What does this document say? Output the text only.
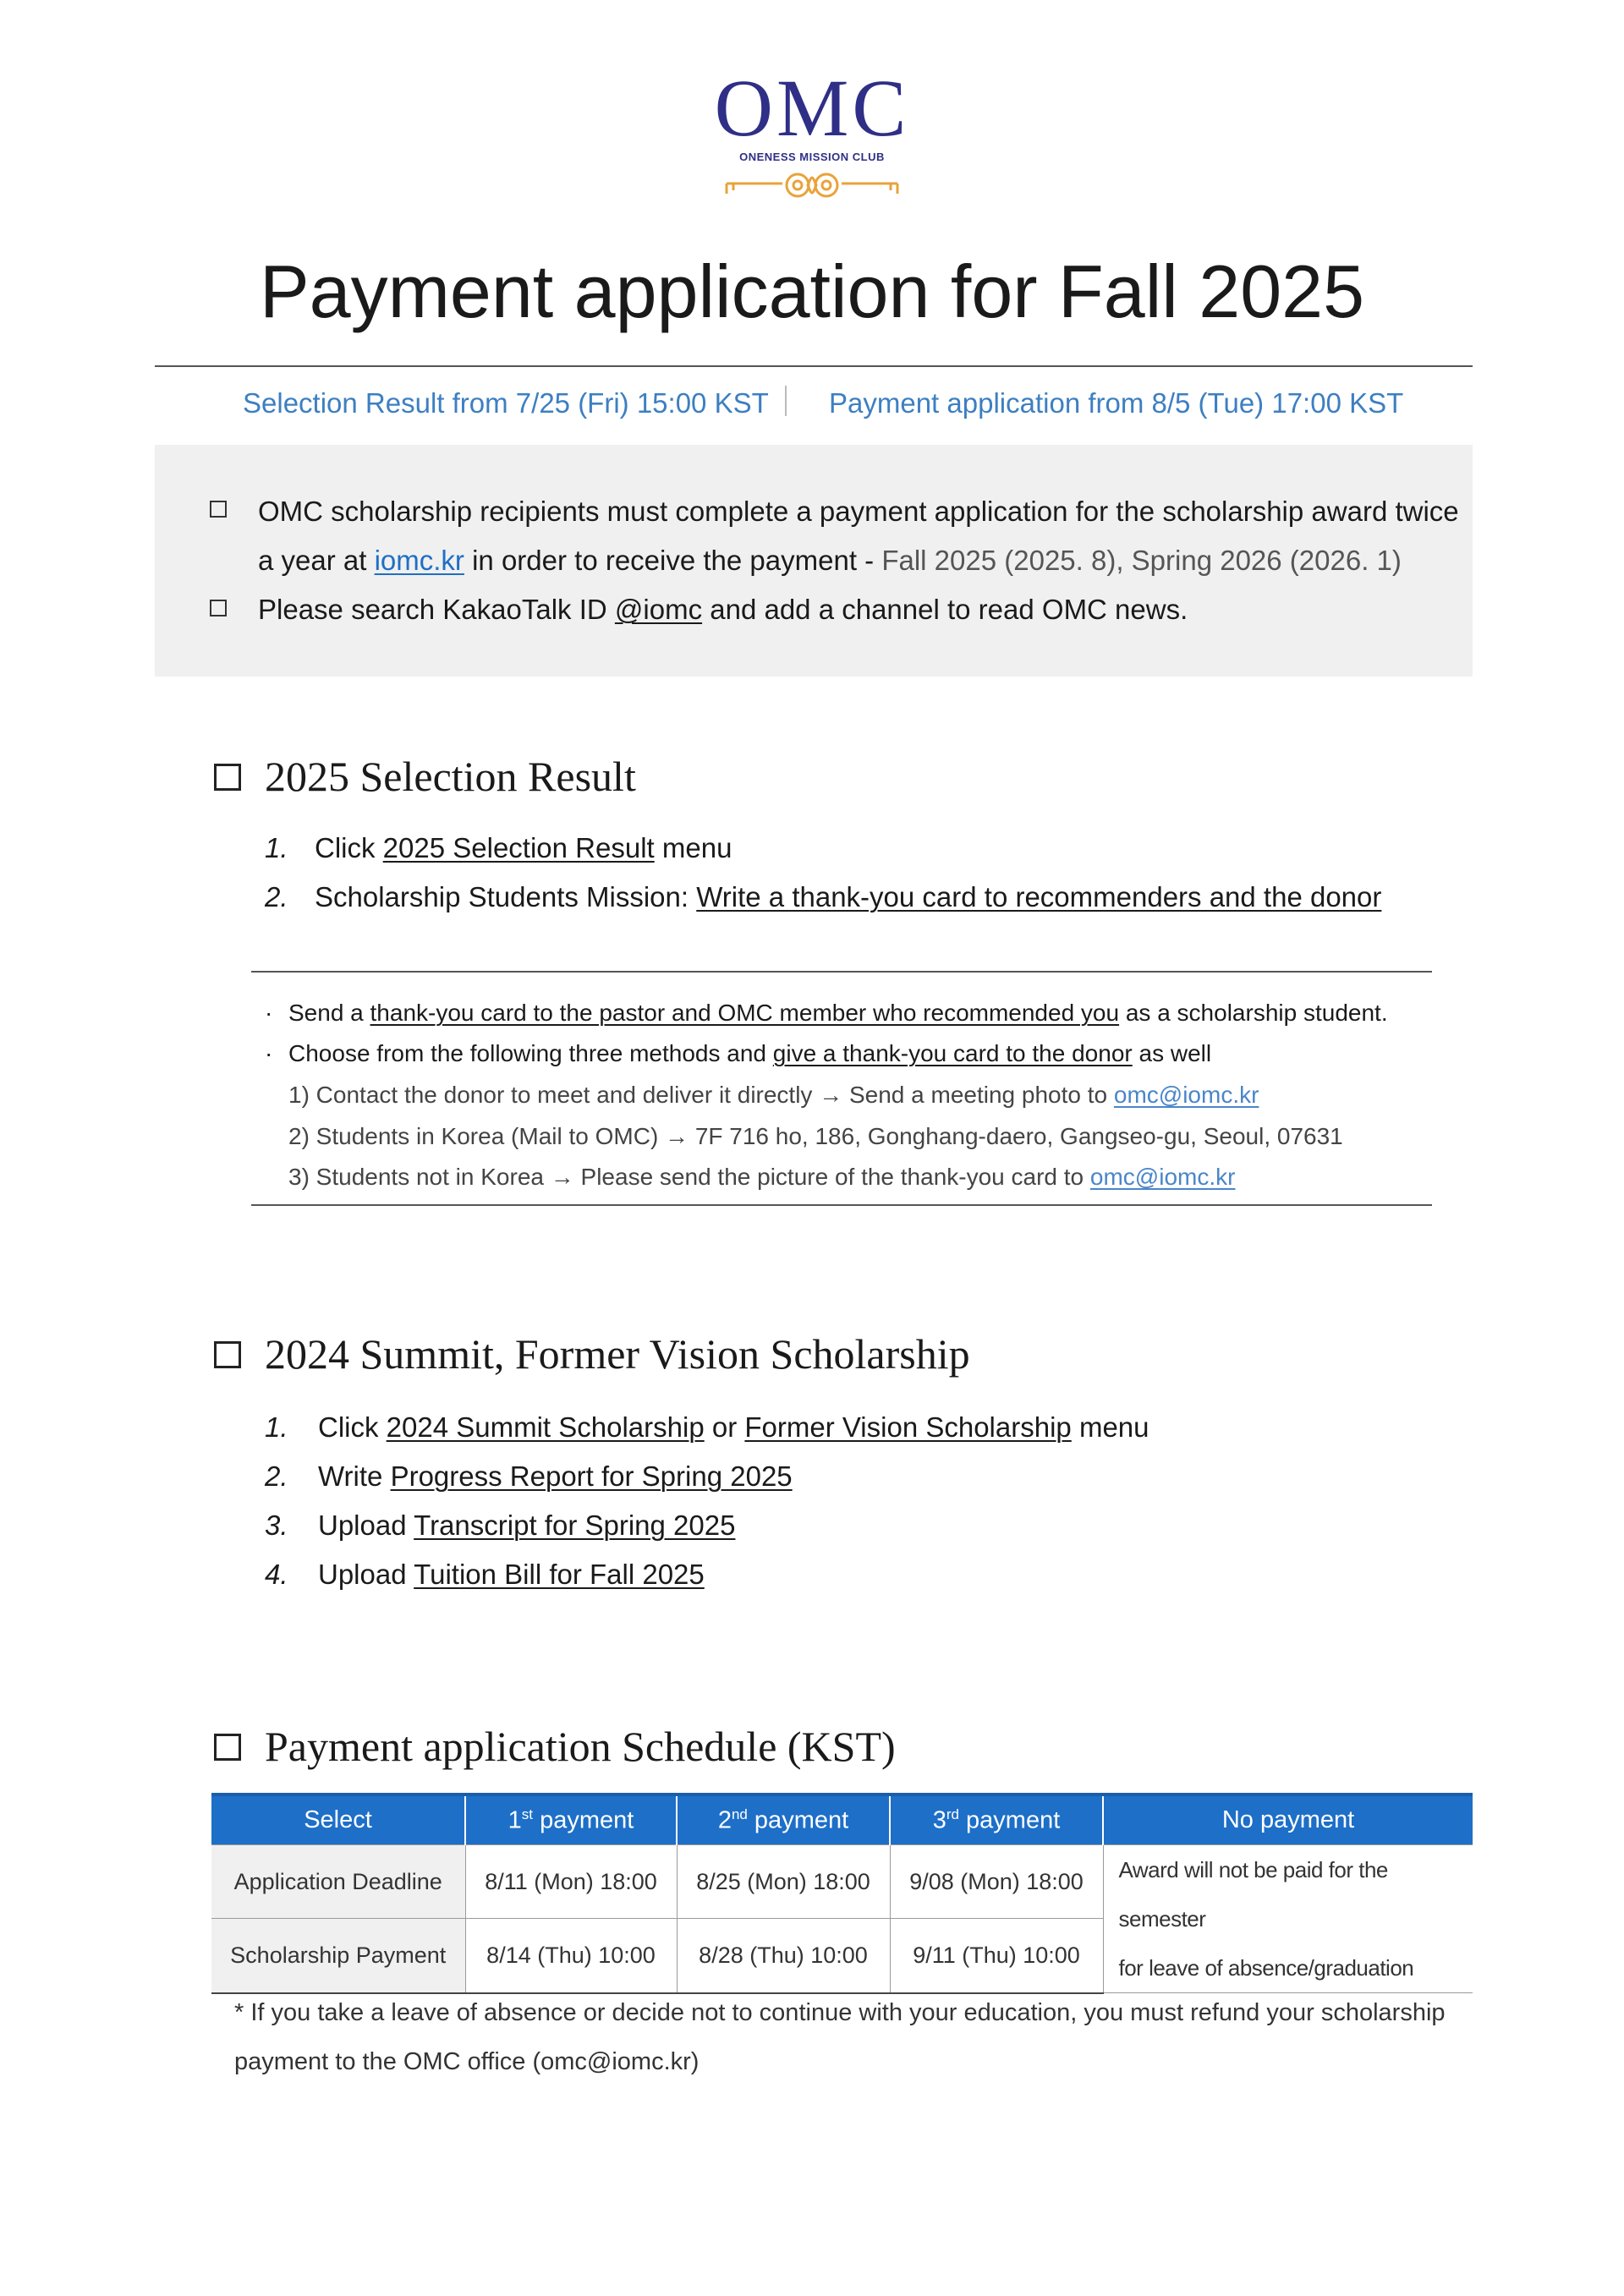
OMC
ONENESS MISSION CLUB
Payment application for Fall 2025
Selection Result from 7/25 (Fri) 15:00 KST Payment application from 8/5 (Tue) 17:00 KST
OMC scholarship recipients must complete a payment application for the scholarship award twice
a year at iomc.kr in order to receive the payment - Fall 2025 (2025. 8), Spring 2026 (2026. 1)
Please search KakaoTalk ID @iomc and add a channel to read OMC news.
2025 Selection Result
1. Click 2025 Selection Result menu
2. Scholarship Students Mission: Write a thank-you card to recommenders and the donor
· Send a thank-you card to the pastor and OMC member who recommended you as a scholarship student.
· Choose from the following three methods and give a thank-you card to the donor as well
1) Contact the donor to meet and deliver it directly → Send a meeting photo to omc@iomc.kr
2) Students in Korea (Mail to OMC) → 7F 716 ho, 186, Gonghang-daero, Gangseo-gu, Seoul, 07631
3) Students not in Korea → Please send the picture of the thank-you card to omc@iomc.kr
2024 Summit, Former Vision Scholarship
1. Click 2024 Summit Scholarship or Former Vision Scholarship menu
2. Write Progress Report for Spring 2025
3. Upload Transcript for Spring 2025
4. Upload Tuition Bill for Fall 2025
Payment application Schedule (KST)
Select	1st payment	2nd payment	3rd payment	No payment
Application Deadline	8/11 (Mon) 18:00	8/25 (Mon) 18:00	9/08 (Mon) 18:00	Award will not be paid for the semester
for leave of absence/graduation
Scholarship Payment	8/14 (Thu) 10:00	8/28 (Thu) 10:00	9/11 (Thu) 10:00	
* If you take a leave of absence or decide not to continue with your education, you must refund your scholarship
payment to the OMC office (omc@iomc.kr)
